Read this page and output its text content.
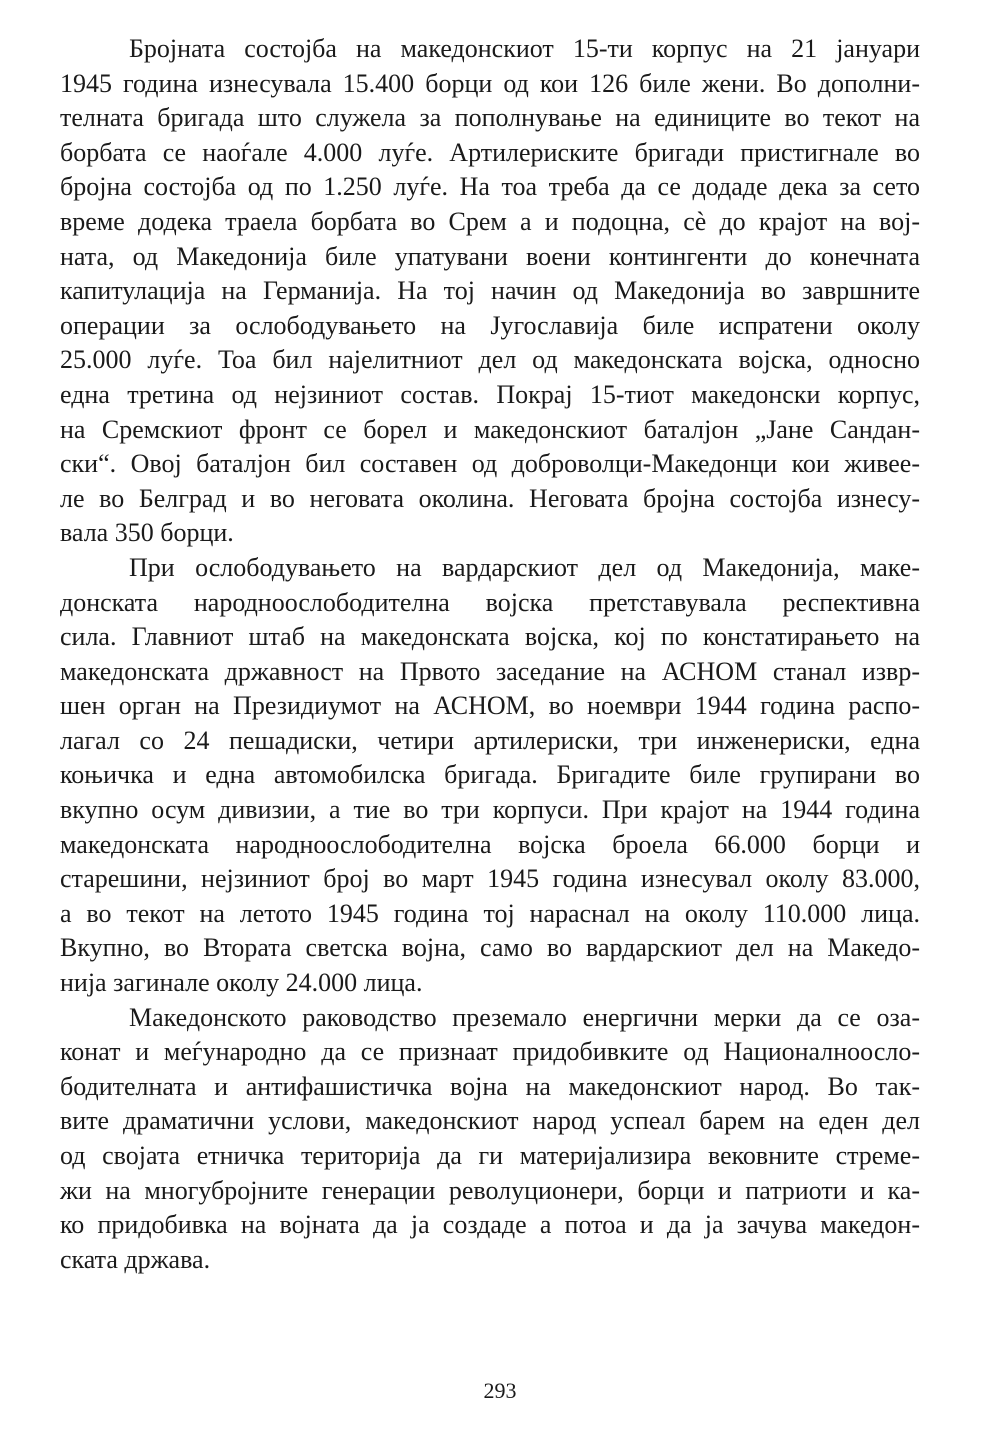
Бројната состојба на македонскиот 15-ти корпус на 21 јануари
1945 година изнесувала 15.400 борци од кои 126 биле жени. Во дополни-
телната бригада што служела за пополнување на единиците во текот на
борбата се наоѓале 4.000 луѓе. Артилериските бригади пристигнале во
бројна состојба од по 1.250 луѓе. На тоа треба да се додаде дека за сето
време додека траела борбата во Срем а и подоцна, сè до крајот на вој-
ната, од Македонија биле упатувани воени контингенти до конечната
капитулација на Германија. На тој начин од Македонија во завршните
операции за ослободувањето на Југославија биле испратени околу
25.000 луѓе. Тоа бил најелитниот дел од македонската војска, односно
една третина од нејзиниот состав. Покрај 15-тиот македонски корпус,
на Сремскиот фронт се борел и македонскиот баталјон „Јане Сандан-
ски“. Овој баталјон бил составен од доброволци-Македонци кои живее-
ле во Белград и во неговата околина. Неговата бројна состојба изнесу-
вала 350 борци.
При ослободувањето на вардарскиот дел од Македонија, маке-
донската народноослободителна војска претставувала респективна
сила. Главниот штаб на македонската војска, кој по констатирањето на
македонската државност на Првото заседание на АСНОМ станал извр-
шен орган на Президиумот на АСНОМ, во ноември 1944 година распо-
лагал со 24 пешадиски, четири артилериски, три инженериски, една
коњичка и една автомобилска бригада. Бригадите биле групирани во
вкупно осум дивизии, а тие во три корпуси. При крајот на 1944 година
македонската народноослободителна војска броела 66.000 борци и
старешини, нејзиниот број во март 1945 година изнесувал околу 83.000,
а во текот на летото 1945 година тој нараснал на околу 110.000 лица.
Вкупно, во Втората светска војна, само во вардарскиот дел на Македо-
нија загинале околу 24.000 лица.
Македонското раководство преземало енергични мерки да се оза-
конат и меѓународно да се признаат придобивките од Националноосло-
бодителната и антифашистичка војна на македонскиот народ. Во так-
вите драматични услови, македонскиот народ успеал барем на еден дел
од својата етничка територија да ги материјализира вековните стреме-
жи на многубројните генерации револуционери, борци и патриоти и ка-
ко придобивка на војната да ја создаде а потоа и да ја зачува македон-
ската држава.
293
